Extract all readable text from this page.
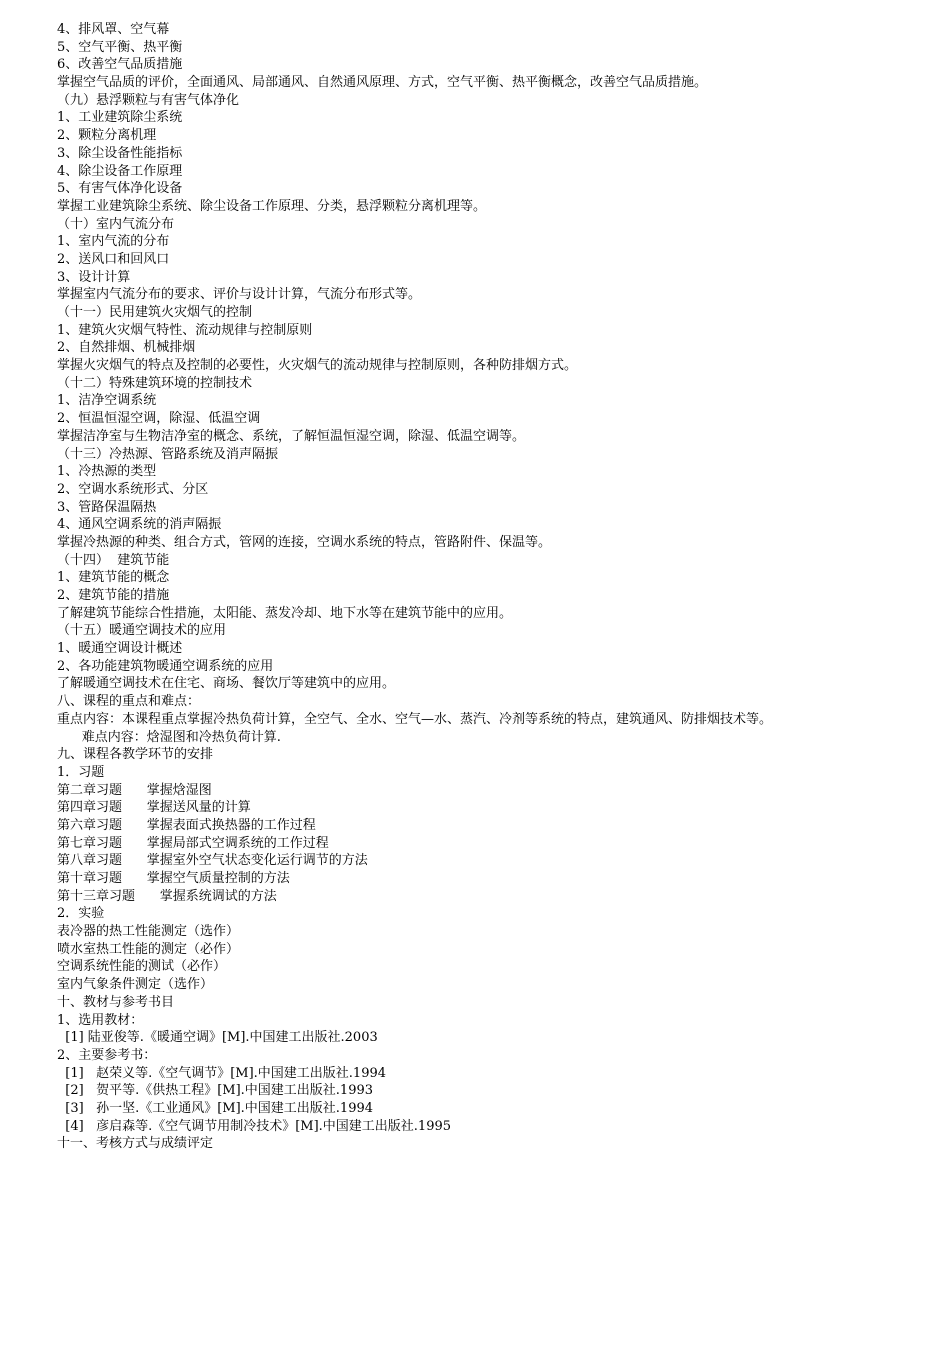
4、排风罩、空气幕
5、空气平衡、热平衡
6、改善空气品质措施
掌握空气品质的评价，全面通风、局部通风、自然通风原理、方式，空气平衡、热平衡概念，改善空气品质措施。
（九）悬浮颗粒与有害气体净化
1、工业建筑除尘系统
2、颗粒分离机理
3、除尘设备性能指标
4、除尘设备工作原理
5、有害气体净化设备
掌握工业建筑除尘系统、除尘设备工作原理、分类，悬浮颗粒分离机理等。
（十）室内气流分布
1、室内气流的分布
2、送风口和回风口
3、设计计算
掌握室内气流分布的要求、评价与设计计算，气流分布形式等。
（十一）民用建筑火灾烟气的控制
1、建筑火灾烟气特性、流动规律与控制原则
2、自然排烟、机械排烟
掌握火灾烟气的特点及控制的必要性，火灾烟气的流动规律与控制原则，各种防排烟方式。
（十二）特殊建筑环境的控制技术
1、洁净空调系统
2、恒温恒湿空调，除湿、低温空调
掌握洁净室与生物洁净室的概念、系统，了解恒温恒湿空调，除湿、低温空调等。
（十三）冷热源、管路系统及消声隔振
1、冷热源的类型
2、空调水系统形式、分区
3、管路保温隔热
4、通风空调系统的消声隔振
掌握冷热源的种类、组合方式，管网的连接，空调水系统的特点，管路附件、保温等。
（十四）  建筑节能
1、建筑节能的概念
2、建筑节能的措施
了解建筑节能综合性措施，太阳能、蒸发冷却、地下水等在建筑节能中的应用。
（十五）暖通空调技术的应用
1、暖通空调设计概述
2、各功能建筑物暖通空调系统的应用
了解暖通空调技术在住宅、商场、餐饮厅等建筑中的应用。
八、课程的重点和难点：
重点内容：本课程重点掌握冷热负荷计算，全空气、全水、空气—水、蒸汽、冷剂等系统的特点，建筑通风、防排烟技术等。
难点内容：焓湿图和冷热负荷计算.
九、课程各教学环节的安排
1．习题
第二章习题      掌握焓湿图
第四章习题      掌握送风量的计算
第六章习题      掌握表面式换热器的工作过程
第七章习题      掌握局部式空调系统的工作过程
第八章习题      掌握室外空气状态变化运行调节的方法
第十章习题      掌握空气质量控制的方法
第十三章习题      掌握系统调试的方法
2．实验
表冷器的热工性能测定（选作）
喷水室热工性能的测定（必作）
空调系统性能的测试（必作）
室内气象条件测定（选作）
十、教材与参考书目
1、选用教材：
[1] 陆亚俊等.《暖通空调》[M].中国建工出版社.2003
2、主要参考书：
[1]   赵荣义等.《空气调节》[M].中国建工出版社.1994
[2]   贺平等.《供热工程》[M].中国建工出版社.1993
[3]   孙一坚.《工业通风》[M].中国建工出版社.1994
[4]   彦启森等.《空气调节用制冷技术》[M].中国建工出版社.1995
十一、考核方式与成绩评定
